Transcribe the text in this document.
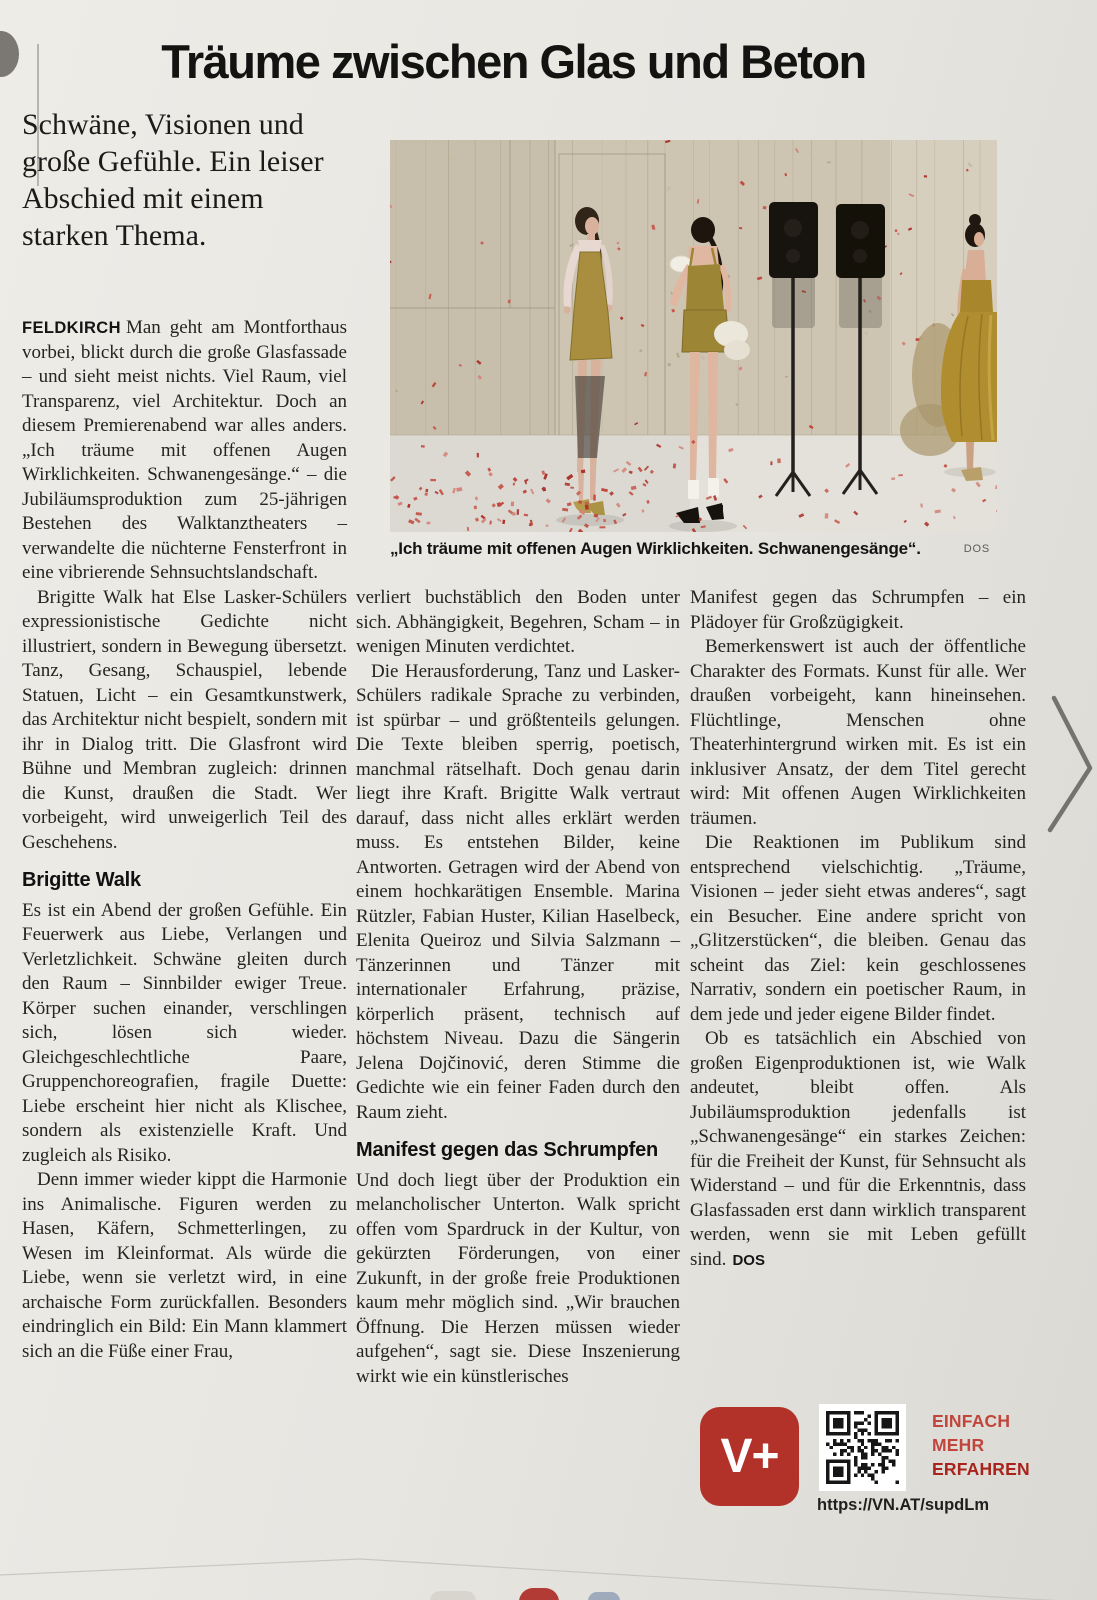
Träume zwischen Glas und Beton
Schwäne, Visionen und große Gefühle. Ein leiser Abschied mit einem starken Thema.

FELDKIRCH Man geht am Montforthaus vorbei, blickt durch die große Glasfassade – und sieht meist nichts. Viel Raum, viel Transparenz, viel Architektur. Doch an diesem Premierenabend war alles anders. „Ich träume mit offenen Augen Wirklichkeiten. Schwanengesänge.“ – die Jubiläumsproduktion zum 25-jährigen Bestehen des Walktanztheaters – verwandelte die nüchterne Fensterfront in eine vibrierende Sehnsuchtslandschaft.

Brigitte Walk hat Else Lasker-Schülers expressionistische Gedichte nicht illustriert, sondern in Bewegung übersetzt. Tanz, Gesang, Schauspiel, lebende Statuen, Licht – ein Gesamtkunstwerk, das Architektur nicht bespielt, sondern mit ihr in Dialog tritt. Die Glasfront wird Bühne und Membran zugleich: drinnen die Kunst, draußen die Stadt. Wer vorbeigeht, wird unweigerlich Teil des Geschehens.

Brigitte Walk

Es ist ein Abend der großen Gefühle. Ein Feuerwerk aus Liebe, Verlangen und Verletzlichkeit. Schwäne gleiten durch den Raum – Sinnbilder ewiger Treue. Körper suchen einander, verschlingen sich, lösen sich wieder. Gleichgeschlechtliche Paare, Gruppenchoreografien, fragile Duette: Liebe erscheint hier nicht als Klischee, sondern als existenzielle Kraft. Und zugleich als Risiko.

Denn immer wieder kippt die Harmonie ins Animalische. Figuren werden zu Hasen, Käfern, Schmetterlingen, zu Wesen im Kleinformat. Als würde die Liebe, wenn sie verletzt wird, in eine archaische Form zurückfallen. Besonders eindringlich ein Bild: Ein Mann klammert sich an die Füße einer Frau,

„Ich träume mit offenen Augen Wirklichkeiten. Schwanengesänge“.	DOS

verliert buchstäblich den Boden unter sich. Abhängigkeit, Begehren, Scham – in wenigen Minuten verdichtet.

Die Herausforderung, Tanz und Lasker-Schülers radikale Sprache zu verbinden, ist spürbar – und größtenteils gelungen. Die Texte bleiben sperrig, poetisch, manchmal rätselhaft. Doch genau darin liegt ihre Kraft. Brigitte Walk vertraut darauf, dass nicht alles erklärt werden muss. Es entstehen Bilder, keine Antworten. Getragen wird der Abend von einem hochkarätigen Ensemble. Marina Rützler, Fabian Huster, Kilian Haselbeck, Elenita Queiroz und Silvia Salzmann – Tänzerinnen und Tänzer mit internationaler Erfahrung, präzise, körperlich präsent, technisch auf höchstem Niveau. Dazu die Sängerin Jelena Dojčinović, deren Stimme die Gedichte wie ein feiner Faden durch den Raum zieht.

Manifest gegen das Schrumpfen

Und doch liegt über der Produktion ein melancholischer Unterton. Walk spricht offen vom Spardruck in der Kultur, von gekürzten Förderungen, von einer Zukunft, in der große freie Produktionen kaum mehr möglich sind. „Wir brauchen Öffnung. Die Herzen müssen wieder aufgehen“, sagt sie. Diese Inszenierung wirkt wie ein künstlerisches

Manifest gegen das Schrumpfen – ein Plädoyer für Großzügigkeit.

Bemerkenswert ist auch der öffentliche Charakter des Formats. Kunst für alle. Wer draußen vorbeigeht, kann hineinsehen. Flüchtlinge, Menschen ohne Theaterhintergrund wirken mit. Es ist ein inklusiver Ansatz, der dem Titel gerecht wird: Mit offenen Augen Wirklichkeiten träumen.

Die Reaktionen im Publikum sind entsprechend vielschichtig. „Träume, Visionen – jeder sieht etwas anderes“, sagt ein Besucher. Eine andere spricht von „Glitzerstücken“, die bleiben. Genau das scheint das Ziel: kein geschlossenes Narrativ, sondern ein poetischer Raum, in dem jede und jeder eigene Bilder findet.

Ob es tatsächlich ein Abschied von großen Eigenproduktionen ist, wie Walk andeutet, bleibt offen. Als Jubiläumsproduktion jedenfalls ist „Schwanengesänge“ ein starkes Zeichen: für die Freiheit der Kunst, für Sehnsucht als Widerstand – und für die Erkenntnis, dass Glasfassaden erst dann wirklich transparent werden, wenn sie mit Leben gefüllt sind. DOS

V+
EINFACH
MEHR
ERFAHREN
https://VN.AT/supdLm
